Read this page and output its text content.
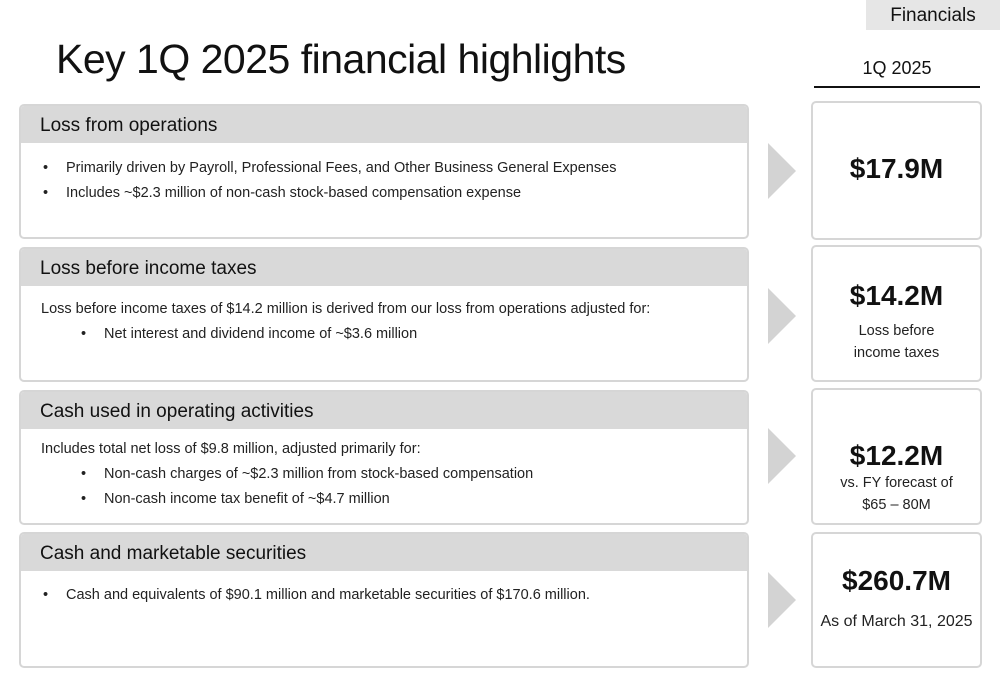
Financials
Key 1Q 2025 financial highlights	1Q 2025
Loss from operations
• Primarily driven by Payroll, Professional Fees, and Other Business General Expenses
• Includes ~$2.3 million of non-cash stock-based compensation expense
$17.9M
Loss before income taxes
Loss before income taxes of $14.2 million is derived from our loss from operations adjusted for:
• Net interest and dividend income of ~$3.6 million
$14.2M
Loss before income taxes
Cash used in operating activities
Includes total net loss of $9.8 million, adjusted primarily for:
• Non-cash charges of ~$2.3 million from stock-based compensation
• Non-cash income tax benefit of ~$4.7 million
$12.2M
vs. FY forecast of $65 – 80M
Cash and marketable securities
• Cash and equivalents of $90.1 million and marketable securities of $170.6 million.	$260.7M
As of March 31, 2025
